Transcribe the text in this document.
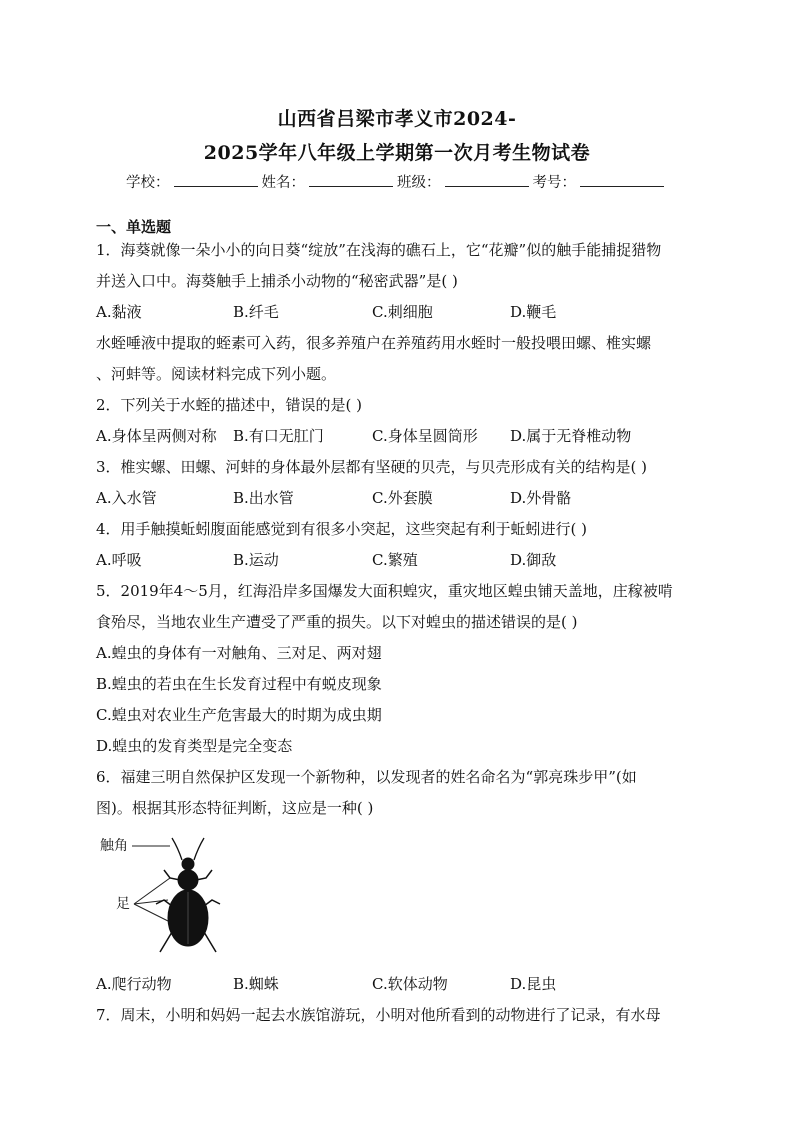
山西省吕梁市孝义市2024-
2025学年八年级上学期第一次月考生物试卷
学校：	姓名：	班级：	考号：
一、单选题
1．海葵就像一朵小小的向日葵“绽放”在浅海的礁石上，它“花瓣”似的触手能捕捉猎物
并送入口中。海葵触手上捕杀小动物的“秘密武器”是( )
A.黏液	B.纤毛	C.刺细胞	D.鞭毛
水蛭唾液中提取的蛭素可入药，很多养殖户在养殖药用水蛭时一般投喂田螺、椎实螺
、河蚌等。阅读材料完成下列小题。
2．下列关于水蛭的描述中，错误的是( )
A.身体呈两侧对称 B.有口无肛门	C.身体呈圆筒形 D.属于无脊椎动物
3．椎实螺、田螺、河蚌的身体最外层都有坚硬的贝壳，与贝壳形成有关的结构是( )
A.入水管	B.出水管	C.外套膜	D.外骨骼
4．用手触摸蚯蚓腹面能感觉到有很多小突起，这些突起有利于蚯蚓进行( )
A.呼吸	B.运动	C.繁殖	D.御敌
5．2019年4～5月，红海沿岸多国爆发大面积蝗灾，重灾地区蝗虫铺天盖地，庄稼被啃
食殆尽，当地农业生产遭受了严重的损失。以下对蝗虫的描述错误的是( )
A.蝗虫的身体有一对触角、三对足、两对翅
B.蝗虫的若虫在生长发育过程中有蜕皮现象
C.蝗虫对农业生产危害最大的时期为成虫期
D.蝗虫的发育类型是完全变态
6．福建三明自然保护区发现一个新物种，以发现者的姓名命名为“郭亮珠步甲”(如
图)。根据其形态特征判断，这应是一种( )
触角
足
A.爬行动物	B.蜘蛛	C.软体动物	D.昆虫
7．周末，小明和妈妈一起去水族馆游玩，小明对他所看到的动物进行了记录，有水母
